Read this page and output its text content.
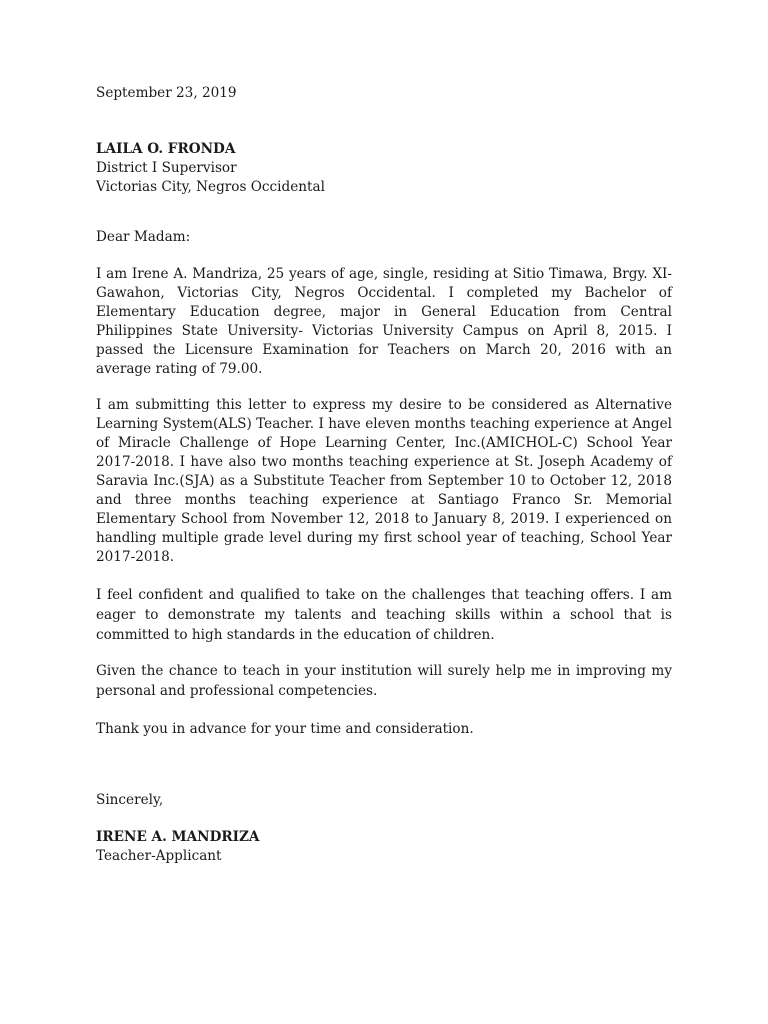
September 23, 2019
LAILA O. FRONDA
District I Supervisor
Victorias City, Negros Occidental
Dear Madam:

I am Irene A. Mandriza, 25 years of age, single, residing at Sitio Timawa, Brgy. XI- Gawahon, Victorias City, Negros Occidental. I completed my Bachelor of Elementary Education degree, major in General Education from Central Philippines State University- Victorias University Campus on April 8, 2015. I passed the Licensure Examination for Teachers on March 20, 2016 with an average rating of 79.00.

I am submitting this letter to express my desire to be considered as Alternative Learning System(ALS) Teacher. I have eleven months teaching experience at Angel of Miracle Challenge of Hope Learning Center, Inc.(AMICHOL-C) School Year 2017-2018. I have also two months teaching experience at St. Joseph Academy of Saravia Inc.(SJA) as a Substitute Teacher from September 10 to October 12, 2018 and three months teaching experience at Santiago Franco Sr. Memorial Elementary School from November 12, 2018 to January 8, 2019. I experienced on handling multiple grade level during my first school year of teaching, School Year 2017-2018.

I feel confident and qualified to take on the challenges that teaching offers. I am eager to demonstrate my talents and teaching skills within a school that is committed to high standards in the education of children.

Given the chance to teach in your institution will surely help me in improving my personal and professional competencies.

Thank you in advance for your time and consideration.

Sincerely,
IRENE A. MANDRIZA
Teacher-Applicant
